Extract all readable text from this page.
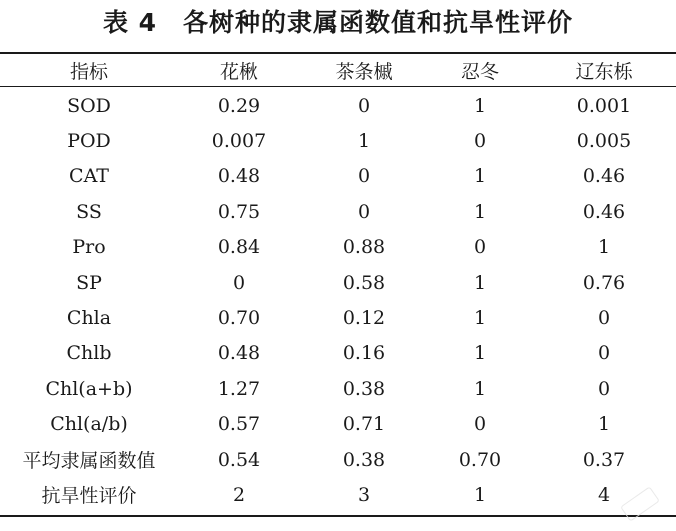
表 4　各树种的隶属函数值和抗旱性评价
指标	花楸	茶条槭	忍冬	辽东栎
SOD	0.29	0	1	0.001
POD	0.007	1	0	0.005
CAT	0.48	0	1	0.46
SS	0.75	0	1	0.46
Pro	0.84	0.88	0	1
SP	0	0.58	1	0.76
Chla	0.70	0.12	1	0
Chlb	0.48	0.16	1	0
Chl(a+b)	1.27	0.38	1	0
Chl(a/b)	0.57	0.71	0	1
平均隶属函数值	0.54	0.38	0.70	0.37
抗旱性评价	2	3	1	4
